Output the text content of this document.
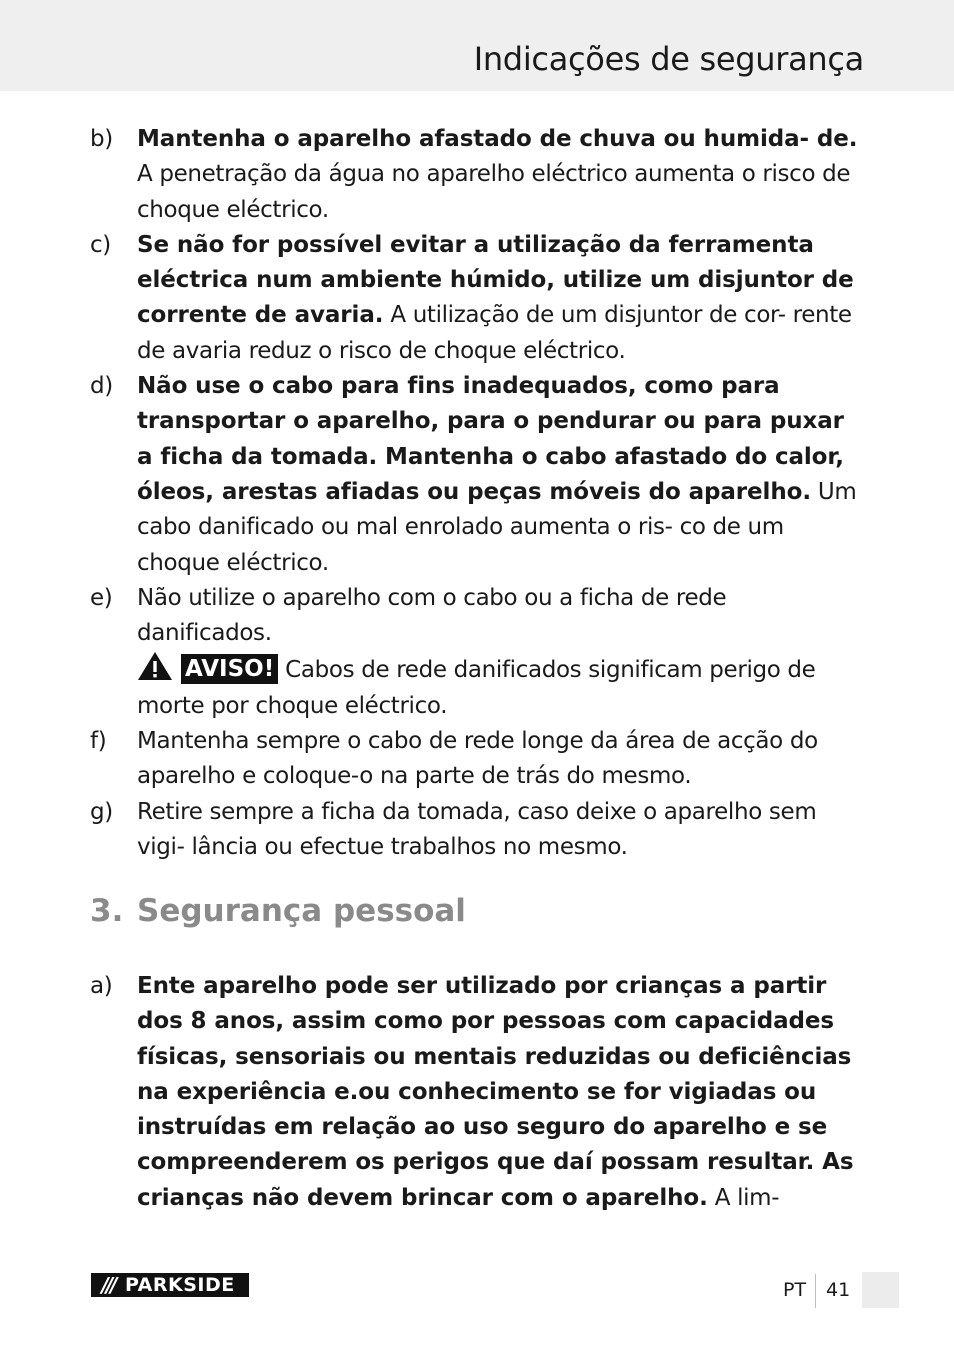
Indicações de segurança
b) Mantenha o aparelho afastado de chuva ou humida- de. A penetração da água no aparelho eléctrico aumenta o risco de choque eléctrico.
c) Se não for possível evitar a utilização da ferramenta eléctrica num ambiente húmido, utilize um disjuntor de corrente de avaria. A utilização de um disjuntor de cor- rente de avaria reduz o risco de choque eléctrico.
d) Não use o cabo para fins inadequados, como para transportar o aparelho, para o pendurar ou para puxar a ficha da tomada. Mantenha o cabo afastado do calor, óleos, arestas afiadas ou peças móveis do aparelho. Um cabo danificado ou mal enrolado aumenta o ris- co de um choque eléctrico.
e) Não utilize o aparelho com o cabo ou a ficha de rede danificados.
AVISO! Cabos de rede danificados significam perigo de morte por choque eléctrico.
f) Mantenha sempre o cabo de rede longe da área de acção do aparelho e coloque-o na parte de trás do mesmo.
g) Retire sempre a ficha da tomada, caso deixe o aparelho sem vigi- lância ou efectue trabalhos no mesmo.
3. Segurança pessoal
a) Ente aparelho pode ser utilizado por crianças a partir dos 8 anos, assim como por pessoas com capacidades físicas, sensoriais ou mentais reduzidas ou deficiências na experiência e.ou conhecimento se for vigiadas ou instruídas em relação ao uso seguro do aparelho e se compreenderem os perigos que daí possam resultar. As crianças não devem brincar com o aparelho. A lim-
/// PARKSIDE	PT 41
